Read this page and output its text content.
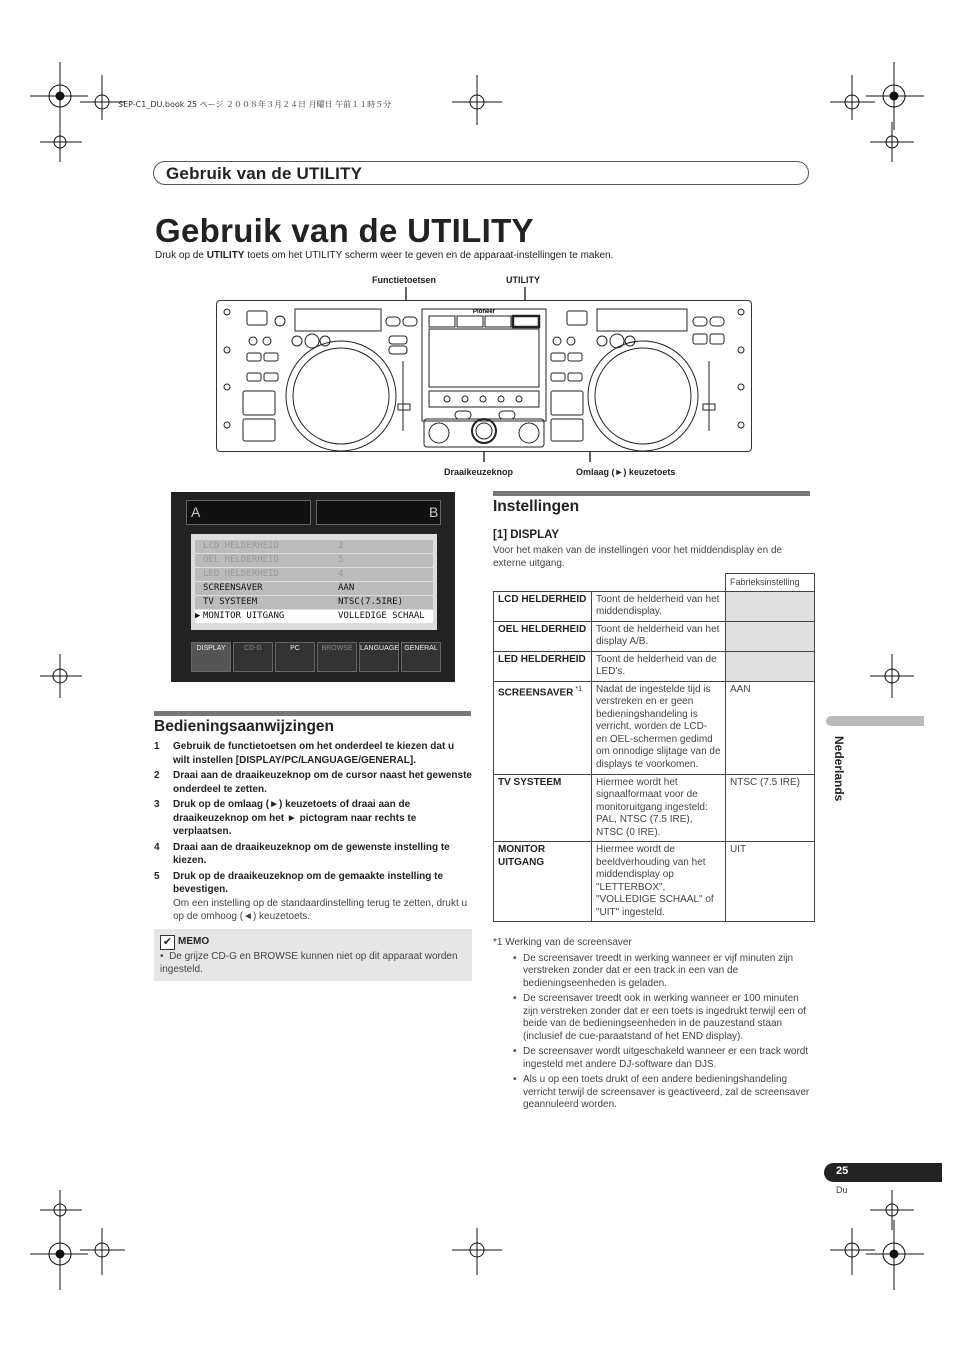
SEP-C1_DU.book 25 ページ ２００８年３月２４日 月曜日 午前１１時５分
Gebruik van de UTILITY
Gebruik van de UTILITY
Druk op de UTILITY toets om het UTILITY scherm weer te geven en de apparaat-instellingen te maken.
Functietoetsen	UTILITY
Draaikeuzeknop	Omlaag (►) keuzetoets
Pioneer
A	B
LCD HELDERHEID	2
OEL HELDERHEID	5
LED HELDERHEID	4
SCREENSAVER	AAN
TV SYSTEEM	NTSC(7.5IRE)
▶ MONITOR UITGANG	VOLLEDIGE SCHAAL
DISPLAY	CD-G	PC	BROWSE	LANGUAGE GENERAL
Bedieningsaanwijzingen
1 Gebruik de functietoetsen om het onderdeel te kiezen dat u wilt instellen [DISPLAY/PC/LANGUAGE/GENERAL].
2 Draai aan de draaikeuzeknop om de cursor naast het gewenste onderdeel te zetten.
3 Druk op de omlaag (►) keuzetoets of draai aan de draaikeuzeknop om het ► pictogram naar rechts te verplaatsen.
4 Draai aan de draaikeuzeknop om de gewenste instelling te kiezen.
5 Druk op de draaikeuzeknop om de gemaakte instelling te bevestigen.
Om een instelling op de standaardinstelling terug te zetten, drukt u op de omhoog (◄) keuzetoets.
✔ MEMO
•  De grijze CD-G en BROWSE kunnen niet op dit apparaat worden ingesteld.
Instellingen
[1] DISPLAY
Voor het maken van de instellingen voor het middendisplay en de externe uitgang.
		Fabrieksinstelling
LCD HELDERHEID	Toont de helderheid van het middendisplay.	
OEL HELDERHEID	Toont de helderheid van het display A/B.	
LED HELDERHEID	Toont de helderheid van de LED's.	
SCREENSAVER $^{*1}$	Nadat de ingestelde tijd is verstreken en er geen bedieningshandeling is verricht, worden de LCD- en OEL-schermen gedimd om onnodige slijtage van de displays te voorkomen.	AAN
TV SYSTEEM	Hiermee wordt het signaalformaat voor de monitoruitgang ingesteld: PAL, NTSC (7.5 IRE), NTSC (0 IRE).	NTSC (7.5 IRE)
MONITOR UITGANG	Hiermee wordt de beeldverhouding van het middendisplay op "LETTERBOX", "VOLLEDIGE SCHAAL" of "UIT" ingesteld.	UIT
*1 Werking van de screensaver
• De screensaver treedt in werking wanneer er vijf minuten zijn verstreken zonder dat er een track in een van de bedieningseenheden is geladen.
• De screensaver treedt ook in werking wanneer er 100 minuten zijn verstreken zonder dat er een toets is ingedrukt terwijl een of beide van de bedieningseenheden in de pauzestand staan (inclusief de cue-paraatstand of het END display).
• De screensaver wordt uitgeschakeld wanneer er een track wordt ingesteld met andere DJ-software dan DJS.
• Als u op een toets drukt of een andere bedieningshandeling verricht terwijl de screensaver is geactiveerd, zal de screensaver geannuleerd worden.
Nederlands
25
Du
